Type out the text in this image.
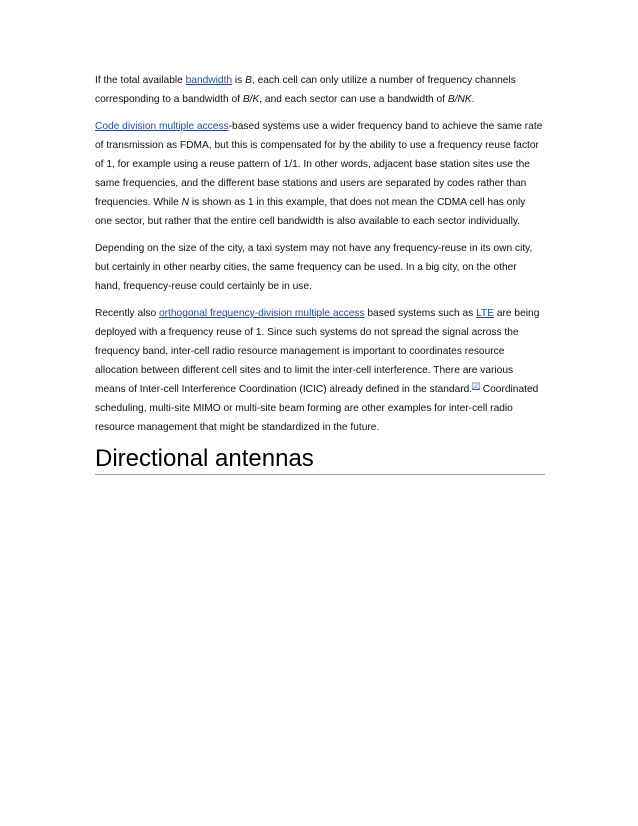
If the total available bandwidth is B, each cell can only utilize a number of frequency channels corresponding to a bandwidth of B/K, and each sector can use a bandwidth of B/NK.

Code division multiple access-based systems use a wider frequency band to achieve the same rate of transmission as FDMA, but this is compensated for by the ability to use a frequency reuse factor of 1, for example using a reuse pattern of 1/1. In other words, adjacent base station sites use the same frequencies, and the different base stations and users are separated by codes rather than frequencies. While N is shown as 1 in this example, that does not mean the CDMA cell has only one sector, but rather that the entire cell bandwidth is also available to each sector individually.

Depending on the size of the city, a taxi system may not have any frequency-reuse in its own city, but certainly in other nearby cities, the same frequency can be used. In a big city, on the other hand, frequency-reuse could certainly be in use.

Recently also orthogonal frequency-division multiple access based systems such as LTE are being deployed with a frequency reuse of 1. Since such systems do not spread the signal across the frequency band, inter-cell radio resource management is important to coordinates resource allocation between different cell sites and to limit the inter-cell interference. There are various means of Inter-cell Interference Coordination (ICIC) already defined in the standard.[2] Coordinated scheduling, multi-site MIMO or multi-site beam forming are other examples for inter-cell radio resource management that might be standardized in the future.

Directional antennas
